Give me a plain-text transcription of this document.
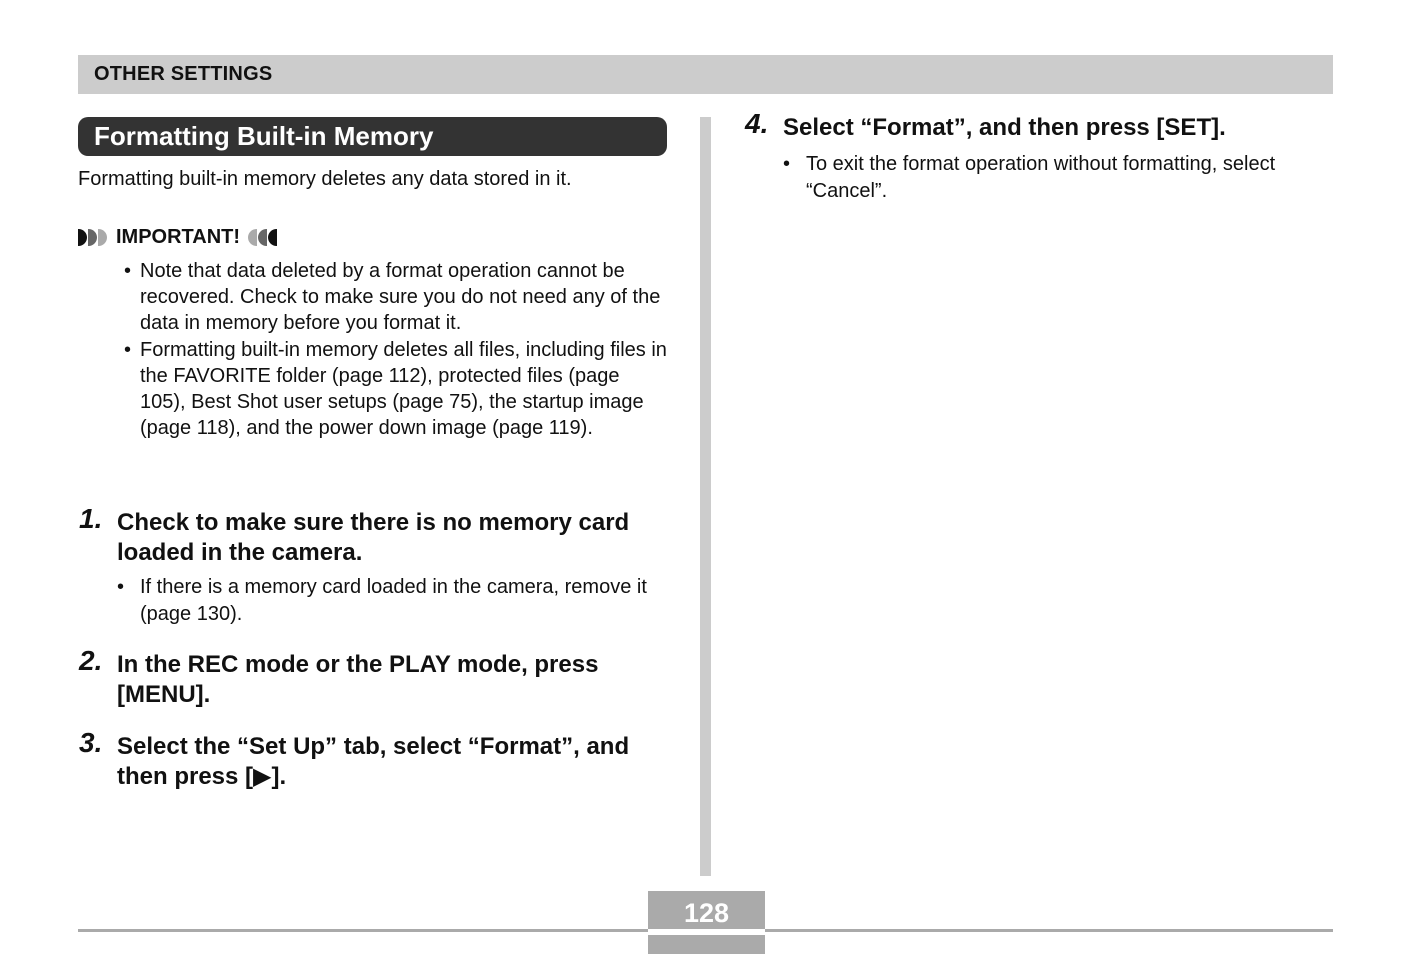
OTHER SETTINGS
Formatting Built-in Memory
Formatting built-in memory deletes any data stored in it.
IMPORTANT!
• Note that data deleted by a format operation cannot be recovered. Check to make sure you do not need any of the data in memory before you format it.
• Formatting built-in memory deletes all files, including files in the FAVORITE folder (page 112), protected files (page 105), Best Shot user setups (page 75), the startup image (page 118), and the power down image (page 119).
1. Check to make sure there is no memory card loaded in the camera.
• If there is a memory card loaded in the camera, remove it (page 130).
2. In the REC mode or the PLAY mode, press [MENU].
3. Select the “Set Up” tab, select “Format”, and then press [▶].
4. Select “Format”, and then press [SET].
• To exit the format operation without formatting, select “Cancel”.
128
